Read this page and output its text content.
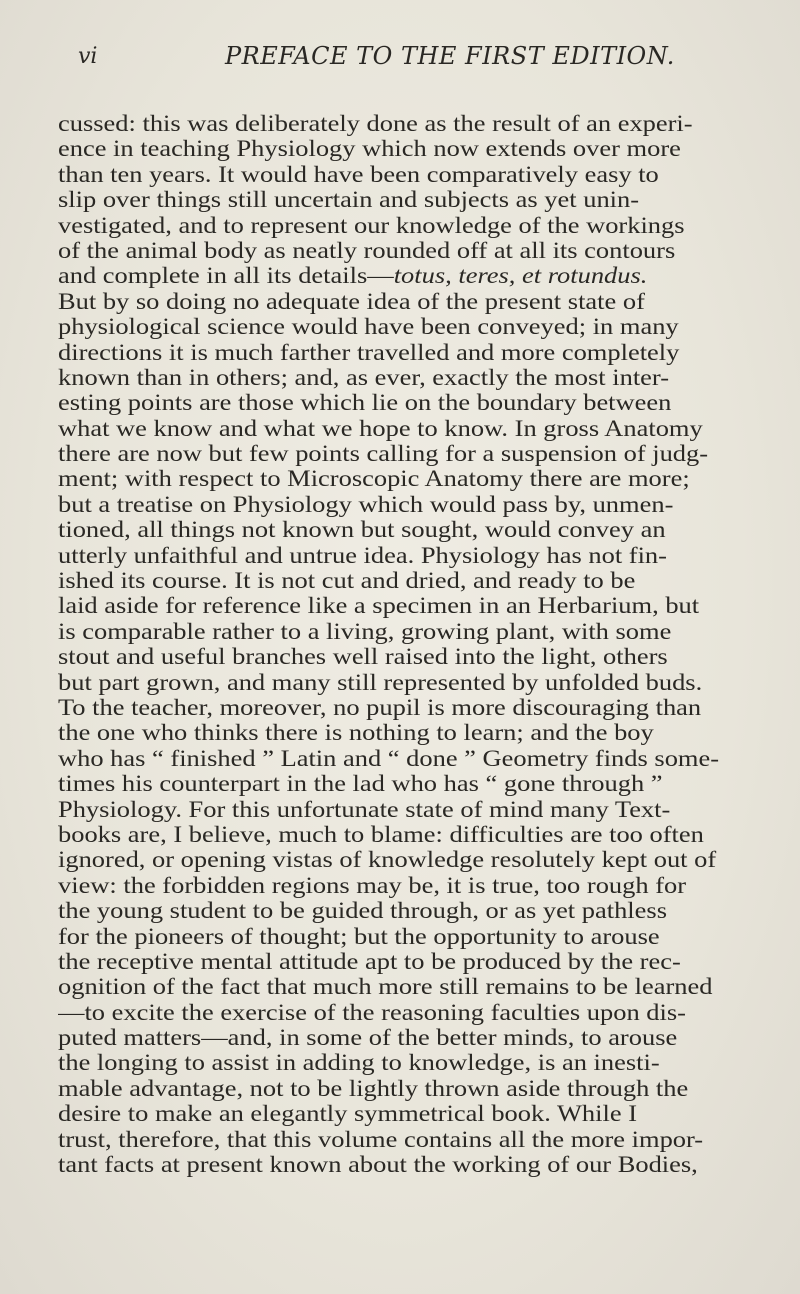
vi	PREFACE TO THE FIRST EDITION.
cussed: this was deliberately done as the result of an experi-
ence in teaching Physiology which now extends over more
than ten years. It would have been comparatively easy to
slip over things still uncertain and subjects as yet unin-
vestigated, and to represent our knowledge of the workings
of the animal body as neatly rounded off at all its contours
and complete in all its details—totus, teres, et rotundus.
But by so doing no adequate idea of the present state of
physiological science would have been conveyed; in many
directions it is much farther travelled and more completely
known than in others; and, as ever, exactly the most inter-
esting points are those which lie on the boundary between
what we know and what we hope to know. In gross Anatomy
there are now but few points calling for a suspension of judg-
ment; with respect to Microscopic Anatomy there are more;
but a treatise on Physiology which would pass by, unmen-
tioned, all things not known but sought, would convey an
utterly unfaithful and untrue idea. Physiology has not fin-
ished its course. It is not cut and dried, and ready to be
laid aside for reference like a specimen in an Herbarium, but
is comparable rather to a living, growing plant, with some
stout and useful branches well raised into the light, others
but part grown, and many still represented by unfolded buds.
To the teacher, moreover, no pupil is more discouraging than
the one who thinks there is nothing to learn; and the boy
who has “ finished ” Latin and “ done ” Geometry finds some-
times his counterpart in the lad who has “ gone through ”
Physiology. For this unfortunate state of mind many Text-
books are, I believe, much to blame: difficulties are too often
ignored, or opening vistas of knowledge resolutely kept out of
view: the forbidden regions may be, it is true, too rough for
the young student to be guided through, or as yet pathless
for the pioneers of thought; but the opportunity to arouse
the receptive mental attitude apt to be produced by the rec-
ognition of the fact that much more still remains to be learned
—to excite the exercise of the reasoning faculties upon dis-
puted matters—and, in some of the better minds, to arouse
the longing to assist in adding to knowledge, is an inesti-
mable advantage, not to be lightly thrown aside through the
desire to make an elegantly symmetrical book. While I
trust, therefore, that this volume contains all the more impor-
tant facts at present known about the working of our Bodies,
